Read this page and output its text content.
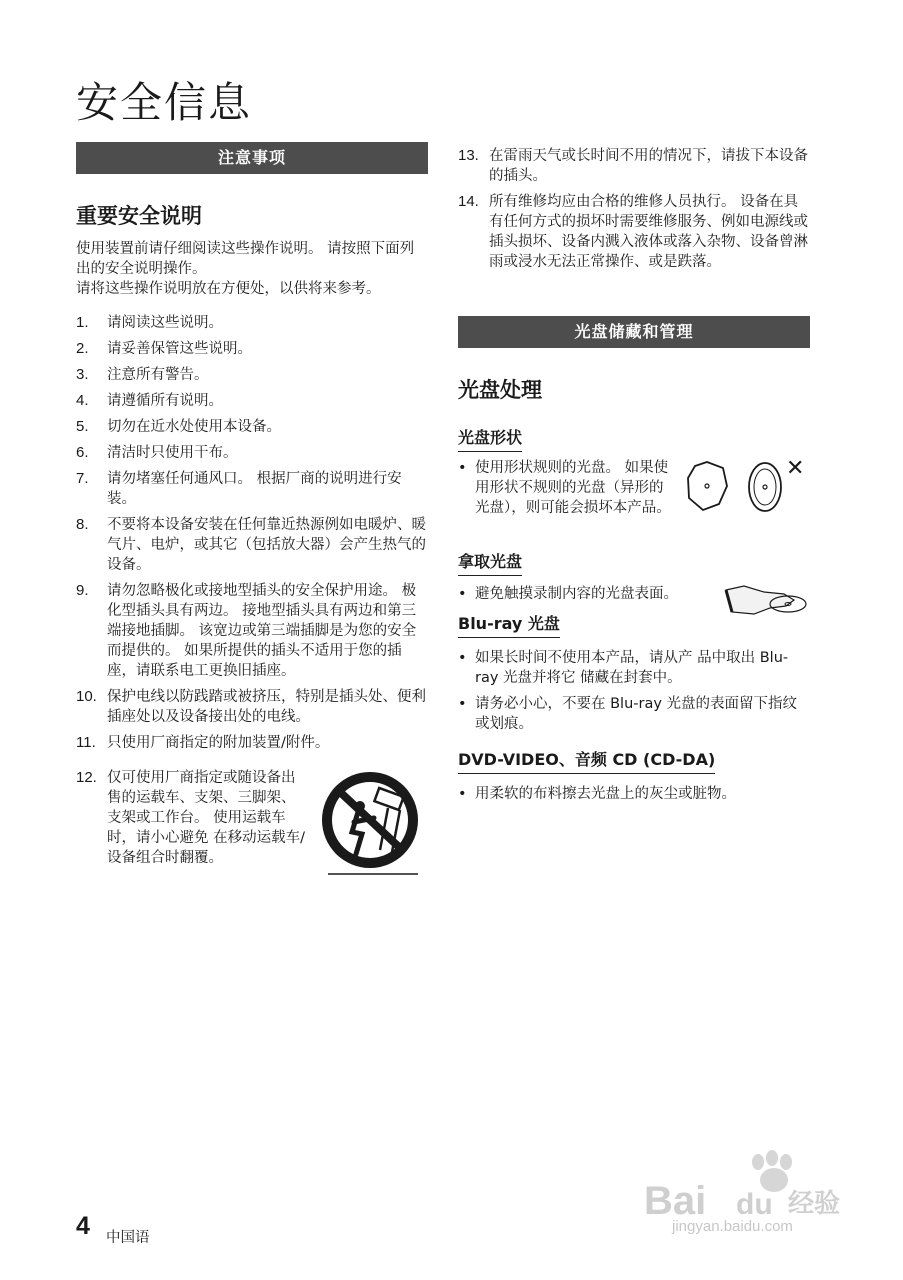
安全信息
注意事项
重要安全说明

使用装置前请仔细阅读这些操作说明。 请按照下面列出的安全说明操作。

请将这些操作说明放在方便处，以供将来参考。

1. 请阅读这些说明。
2. 请妥善保管这些说明。
3. 注意所有警告。
4. 请遵循所有说明。
5. 切勿在近水处使用本设备。
6. 清洁时只使用干布。
7. 请勿堵塞任何通风口。 根据厂商的说明进行安装。
8. 不要将本设备安装在任何靠近热源例如电暖炉、暖气片、电炉，或其它（包括放大器）会产生热气的设备。
9. 请勿忽略极化或接地型插头的安全保护用途。 极化型插头具有两边。 接地型插头具有两边和第三端接地插脚。 该宽边或第三端插脚是为您的安全而提供的。 如果所提供的插头不适用于您的插座，请联系电工更换旧插座。
10. 保护电线以防践踏或被挤压，特别是插头处、便利插座处以及设备接出处的电线。
11. 只使用厂商指定的附加装置/附件。
12. 仅可使用厂商指定或随设备出售的运载车、支架、三脚架、支架或工作台。 使用运载车时，请小心避免 在移动运载车/设备组合时翻覆。
13. 在雷雨天气或长时间不用的情况下，请拔下本设备的插头。
14. 所有维修均应由合格的维修人员执行。 设备在具有任何方式的损坏时需要维修服务、例如电源线或插头损坏、设备内溅入液体或落入杂物、设备曾淋雨或浸水无法正常操作、或是跌落。
光盘储藏和管理
光盘处理
光盘形状
• 使用形状规则的光盘。 如果使用形状不规则的光盘（异形的光盘），则可能会损坏本产品。
✕
拿取光盘
• 避免触摸录制内容的光盘表面。
Blu-ray 光盘
• 如果长时间不使用本产品，请从产 品中取出 Blu-ray 光盘并将它 储藏在封套中。
• 请务必小心，不要在 Blu-ray 光盘的表面留下指纹或划痕。
DVD-VIDEO、音频 CD (CD-DA)
• 用柔软的布料擦去光盘上的灰尘或脏物。
4 中国语
Bai du 经验
jingyan.baidu.com
